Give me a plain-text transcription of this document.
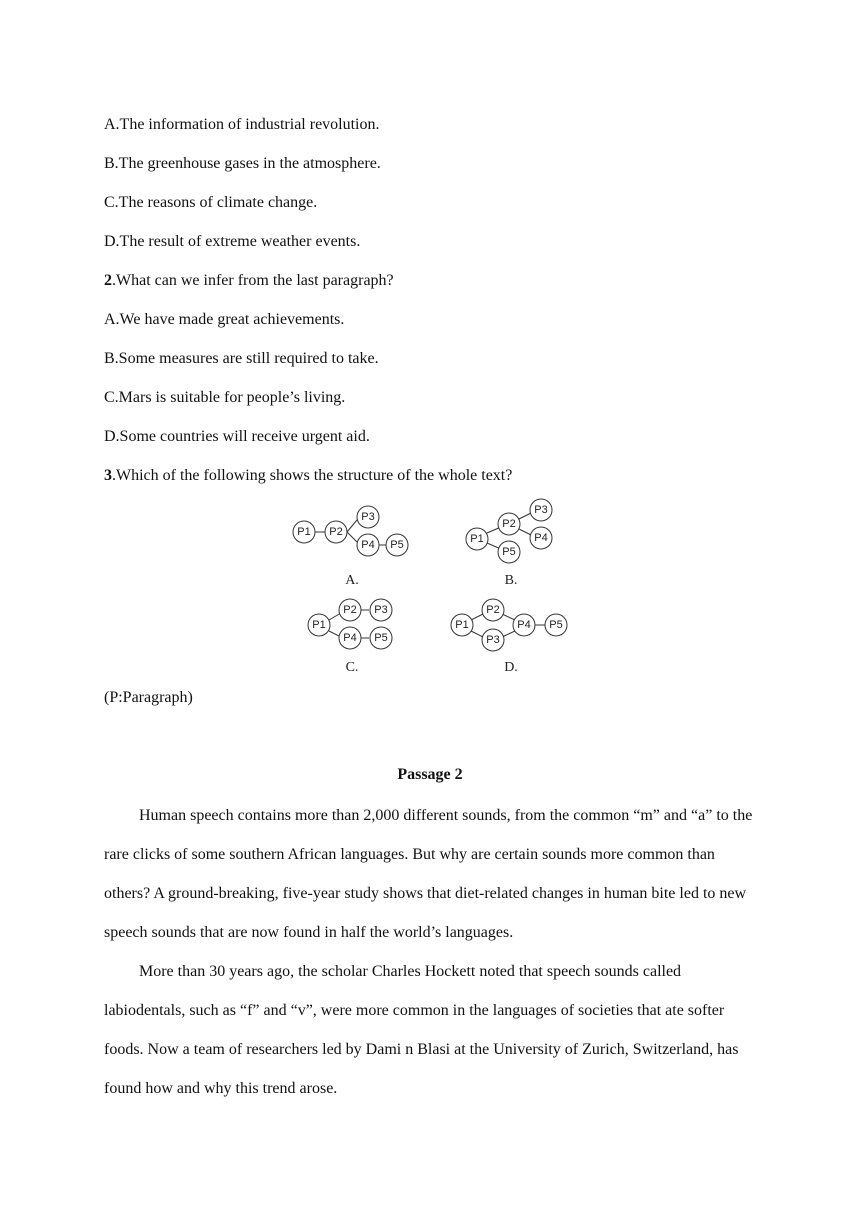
A.The information of industrial revolution.
B.The greenhouse gases in the atmosphere.
C.The reasons of climate change.
D.The result of extreme weather events.
2.What can we infer from the last paragraph?
A.We have made great achievements.
B.Some measures are still required to take.
C.Mars is suitable for people’s living.
D.Some countries will receive urgent aid.
3.Which of the following shows the structure of the whole text?
P1 P2
P3
P4 P5
A.
P1
P2
P3
P4
P5
B.
P1
P2 P3
P4 P5
C.
P1
P2
P3
P4 P5
D.
(P:Paragraph)
Passage 2
Human speech contains more than 2,000 different sounds, from the common “m” and “a” to the rare clicks of some southern African languages. But why are certain sounds more common than others? A ground-breaking, five-year study shows that diet-related changes in human bite led to new speech sounds that are now found in half the world’s languages.
More than 30 years ago, the scholar Charles Hockett noted that speech sounds called labiodentals, such as “f” and “v”, were more common in the languages of societies that ate softer foods. Now a team of researchers led by Dami n Blasi at the University of Zurich, Switzerland, has found how and why this trend arose.
